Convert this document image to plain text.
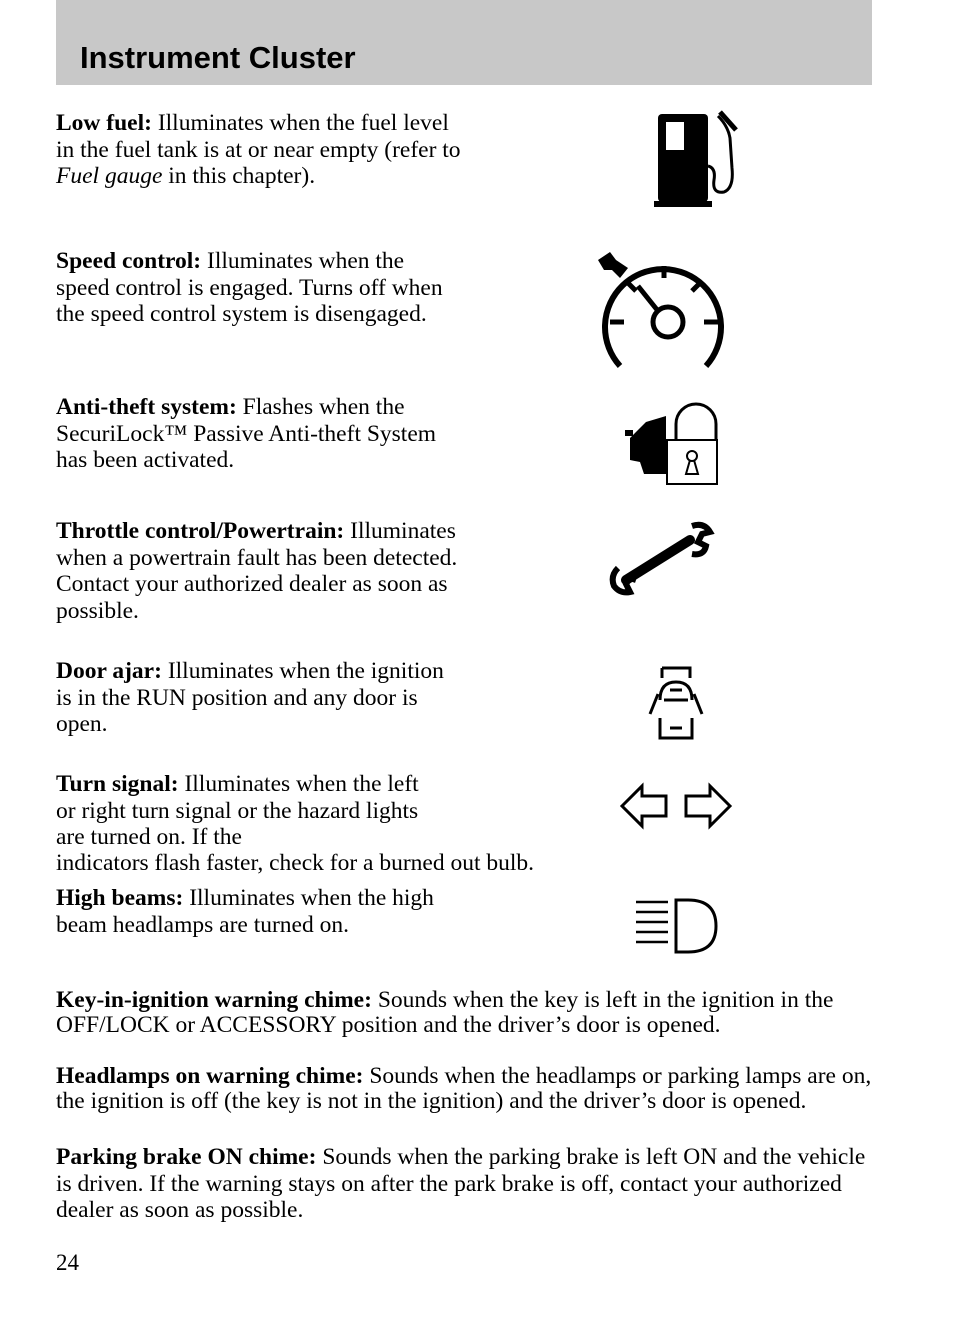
Instrument Cluster

Low fuel: Illuminates when the fuel level in the fuel tank is at or near empty (refer to Fuel gauge in this chapter).

Speed control: Illuminates when the speed control is engaged. Turns off when the speed control system is disengaged.

Anti-theft system: Flashes when the SecuriLock™ Passive Anti-theft System has been activated.

Throttle control/Powertrain: Illuminates when a powertrain fault has been detected. Contact your authorized dealer as soon as possible.

Door ajar: Illuminates when the ignition is in the RUN position and any door is open.

Turn signal: Illuminates when the left or right turn signal or the hazard lights are turned on. If the

indicators flash faster, check for a burned out bulb.

High beams: Illuminates when the high beam headlamps are turned on.

Key-in-ignition warning chime: Sounds when the key is left in the ignition in the OFF/LOCK or ACCESSORY position and the driver’s door is opened.

Headlamps on warning chime: Sounds when the headlamps or parking lamps are on, the ignition is off (the key is not in the ignition) and the driver’s door is opened.

Parking brake ON chime: Sounds when the parking brake is left ON and the vehicle is driven. If the warning stays on after the park brake is off, contact your authorized dealer as soon as possible.

24
